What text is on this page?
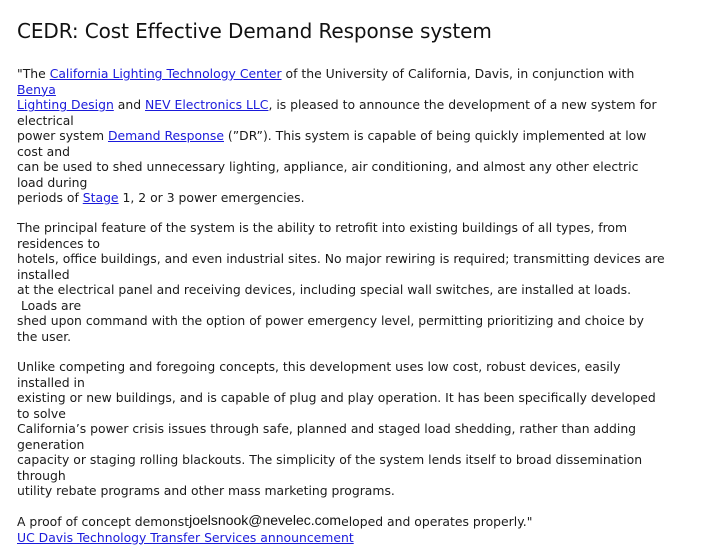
CEDR: Cost Effective Demand Response system
"The California Lighting Technology Center of the University of California, Davis, in conjunction with
Benya
Lighting Design and NEV Electronics LLC, is pleased to announce the development of a new system for
electrical
power system Demand Response (”DR”). This system is capable of being quickly implemented at low
cost and
can be used to shed unnecessary lighting, appliance, air conditioning, and almost any other electric
load during
periods of Stage 1, 2 or 3 power emergencies.
The principal feature of the system is the ability to retrofit into existing buildings of all types, from
residences to
hotels, office buildings, and even industrial sites. No major rewiring is required; transmitting devices are
installed
at the electrical panel and receiving devices, including special wall switches, are installed at loads.
Loads are
shed upon command with the option of power emergency level, permitting prioritizing and choice by
the user.
Unlike competing and foregoing concepts, this development uses low cost, robust devices, easily
installed in
existing or new buildings, and is capable of plug and play operation. It has been specifically developed
to solve
California’s power crisis issues through safe, planned and staged load shedding, rather than adding
generation
capacity or staging rolling blackouts. The simplicity of the system lends itself to broad dissemination
through
utility rebate programs and other mass marketing programs.
A proof of concept demonstjoelsnook@nevelec.comeloped and operates properly."
UC Davis Technology Transfer Services announcement
